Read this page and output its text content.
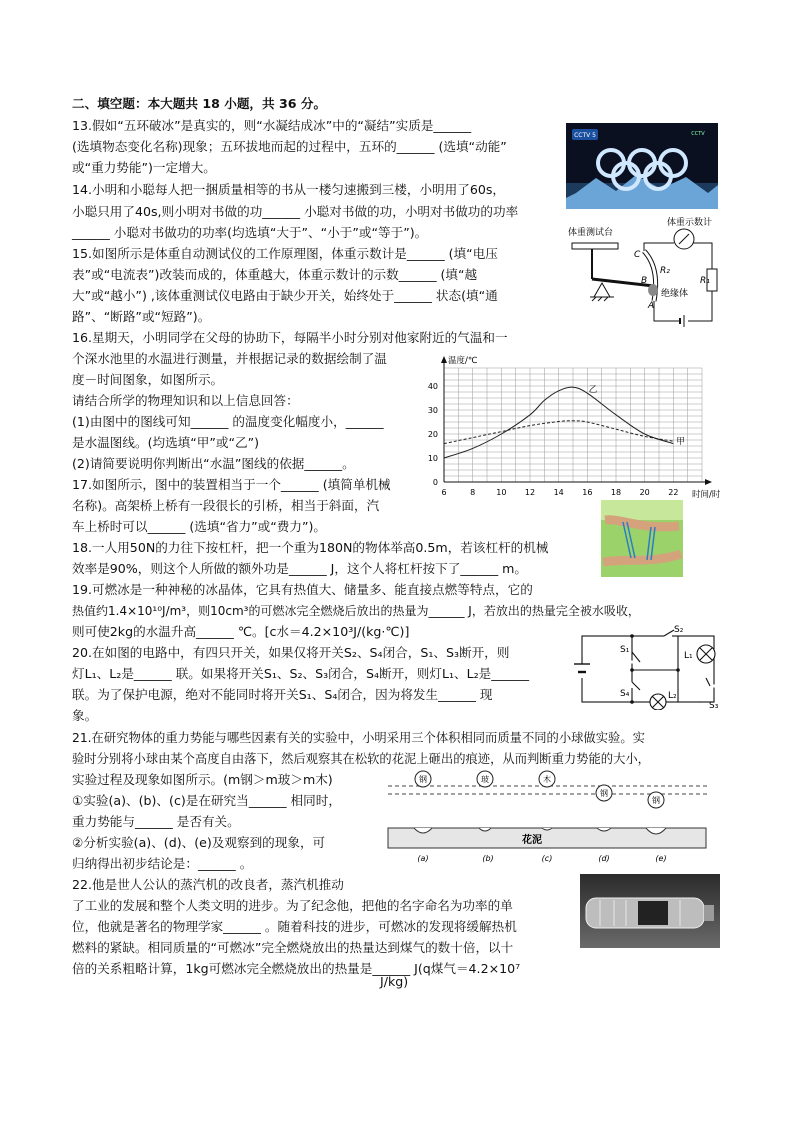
二、填空题：本大题共 18 小题，共 36 分。
13.假如“五环破冰”是真实的，则“水凝结成冰”中的“凝结”实质是______
(选填物态变化名称)现象；五环拔地而起的过程中，五环的______ (选填“动能”
或“重力势能”)一定增大。
14.小明和小聪每人把一捆质量相等的书从一楼匀速搬到三楼，小明用了60s，
小聪只用了40s,则小明对书做的功______ 小聪对书做的功，小明对书做功的功率
______ 小聪对书做功的功率(均选填“大于”、“小于”或“等于”)。
15.如图所示是体重自动测试仪的工作原理图，体重示数计是______ (填“电压
表”或“电流表”)改装而成的，体重越大，体重示数计的示数______ (填“越
大”或“越小”) ,该体重测试仪电路由于缺少开关，始终处于______ 状态(填“通
路”、“断路”或“短路”)。
16.星期天，小明同学在父母的协助下，每隔半小时分别对他家附近的气温和一
个深水池里的水温进行测量，并根据记录的数据绘制了温
度－时间图象，如图所示。
请结合所学的物理知识和以上信息回答：
(1)由图中的图线可知______ 的温度变化幅度小，______
是水温图线。(均选填“甲”或“乙”)
(2)请简要说明你判断出“水温”图线的依据______。
17.如图所示，图中的装置相当于一个______ (填简单机械
名称)。高架桥上桥有一段很长的引桥，相当于斜面，汽
车上桥时可以______ (选填“省力”或“费力”)。
18.一人用50N的力往下按杠杆，把一个重为180N的物体举高0.5m，若该杠杆的机械
效率是90%，则这个人所做的额外功是______ J，这个人将杠杆按下了______ m。
19.可燃冰是一种神秘的冰晶体，它具有热值大、储量多、能直接点燃等特点，它的
热值约1.4×10¹⁰J/m³，则10cm³的可燃冰完全燃烧后放出的热量为______ J，若放出的热量完全被水吸收，
则可使2kg的水温升高______ ℃。[c水＝4.2×10³J/(kg·℃)]
20.在如图的电路中，有四只开关，如果仅将开关S₂、S₄闭合，S₁、S₃断开，则
灯L₁、L₂是______ 联。如果将开关S₁、S₂、S₃闭合，S₄断开，则灯L₁、L₂是______
联。为了保护电源，绝对不能同时将开关S₁、S₄闭合，因为将发生______ 现
象。
21.在研究物体的重力势能与哪些因素有关的实验中，小明采用三个体积相同而质量不同的小球做实验。实
验时分别将小球由某个高度自由落下，然后观察其在松软的花泥上砸出的痕迹，从而判断重力势能的大小，
实验过程及现象如图所示。(m钢＞m玻＞m木)
①实验(a)、(b)、(c)是在研究当______ 相同时，
重力势能与______ 是否有关。
②分析实验(a)、(d)、(e)及观察到的现象，可
归纳得出初步结论是：______ 。
22.他是世人公认的蒸汽机的改良者，蒸汽机推动
了工业的发展和整个人类文明的进步。为了纪念他，把他的名字命名为功率的单
位，他就是著名的物理学家______ 。随着科技的进步，可燃冰的发现将缓解热机
燃料的紧缺。相同质量的“可燃冰”完全燃烧放出的热量达到煤气的数十倍，以十
倍的关系粗略计算，1kg可燃冰完全燃烧放出的热量是______ J(q煤气＝4.2×10⁷
J/kg)
CCTV 5	CCTV
体重示数计
体重测试台
C
B
A
R₂
绝缘体
R₁
温度/℃
时间/时
6	8	10 12 14 16 18 20 22
0
10
20
30
40	乙
甲
S₁
S₂
S₃
S₄
L₁
L₂
钢	玻	木
钢
钢
花泥
(a)	(b)	(c)	(d)	(e)
